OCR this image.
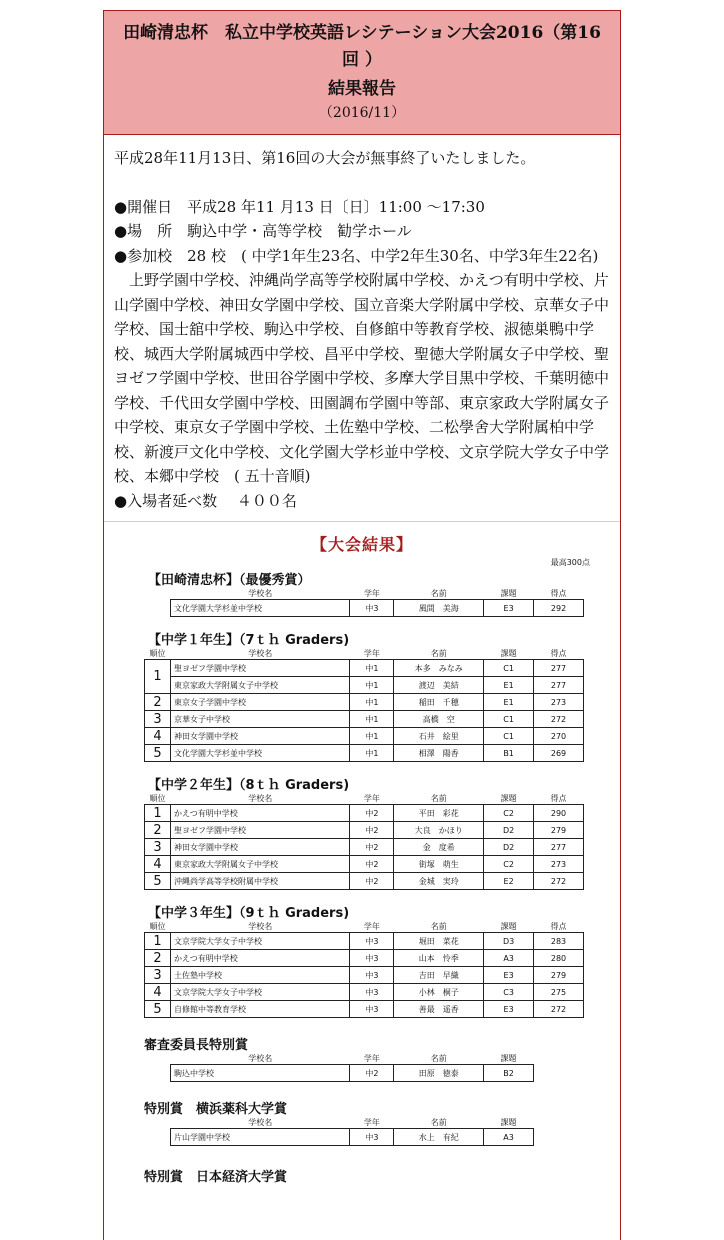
田崎清忠杯　私立中学校英語レシテーション大会2016（第16
回 ）
結果報告
（2016/11）

平成28年11月13日、第16回の大会が無事終了いたしました。

●開催日　平成28 年11 月13 日〔日〕11:00 〜17:30

●場　所　駒込中学・高等学校　勧学ホール

●参加校　28 校　( 中学1年生23名、中学2年生30名、中学3年生22名)

上野学園中学校、沖縄尚学高等学校附属中学校、かえつ有明中学校、片山学園中学校、神田女学園中学校、国立音楽大学附属中学校、京華女子中学校、国士舘中学校、駒込中学校、自修館中等教育学校、淑徳巣鴨中学校、城西大学附属城西中学校、昌平中学校、聖徳大学附属女子中学校、聖ヨゼフ学園中学校、世田谷学園中学校、多摩大学目黒中学校、千葉明徳中学校、千代田女学園中学校、田園調布学園中等部、東京家政大学附属女子中学校、東京女子学園中学校、土佐塾中学校、二松學舍大学附属柏中学校、新渡戸文化中学校、文化学園大学杉並中学校、文京学院大学女子中学校、本郷中学校　( 五十音順)

●入場者延べ数　 ４００名

【大会結果】
最高300点
【田崎清忠杯】（最優秀賞）
学校名	学年	名前	課題	得点
文化学園大学杉並中学校	中3	風間　美海	E3	292
【中学１年生】（7ｔｈ Graders)
順位	学校名	学年	名前	課題	得点
1	聖ヨゼフ学園中学校	中1	本多　みなみ	C1	277
	東京家政大学附属女子中学校	中1	渡辺　美結	E1	277
2	東京女子学園中学校	中1	稲田　千穂	E1	273
3	京華女子中学校	中1	高橋　空	C1	272
4	神田女学園中学校	中1	石井　絵里	C1	270
5	文化学園大学杉並中学校	中1	相澤　陽香	B1	269
【中学２年生】（8ｔｈ Graders)
順位	学校名	学年	名前	課題	得点
1	かえつ有明中学校	中2	平田　彩花	C2	290
2	聖ヨゼフ学園中学校	中2	大良　かほり	D2	279
3	神田女学園中学校	中2	金　度希	D2	277
4	東京家政大学附属女子中学校	中2	街塚　萌生	C2	273
5	沖縄尚学高等学校附属中学校	中2	金城　実玲	E2	272
【中学３年生】（9ｔｈ Graders)
順位	学校名	学年	名前	課題	得点
1	文京学院大学女子中学校	中3	堀田　菜花	D3	283
2	かえつ有明中学校	中3	山本　怜季	A3	280
3	土佐塾中学校	中3	吉田　早織	E3	279
4	文京学院大学女子中学校	中3	小林　桐子	C3	275
5	自修館中等教育学校	中3	善最　遥香	E3	272
審査委員長特別賞
学校名	学年	名前	課題
駒込中学校	中2	田原　徳泰	B2
特別賞　横浜薬科大学賞
学校名	学年	名前	課題
片山学園中学校	中3	水上　有紀	A3
特別賞　日本経済大学賞
